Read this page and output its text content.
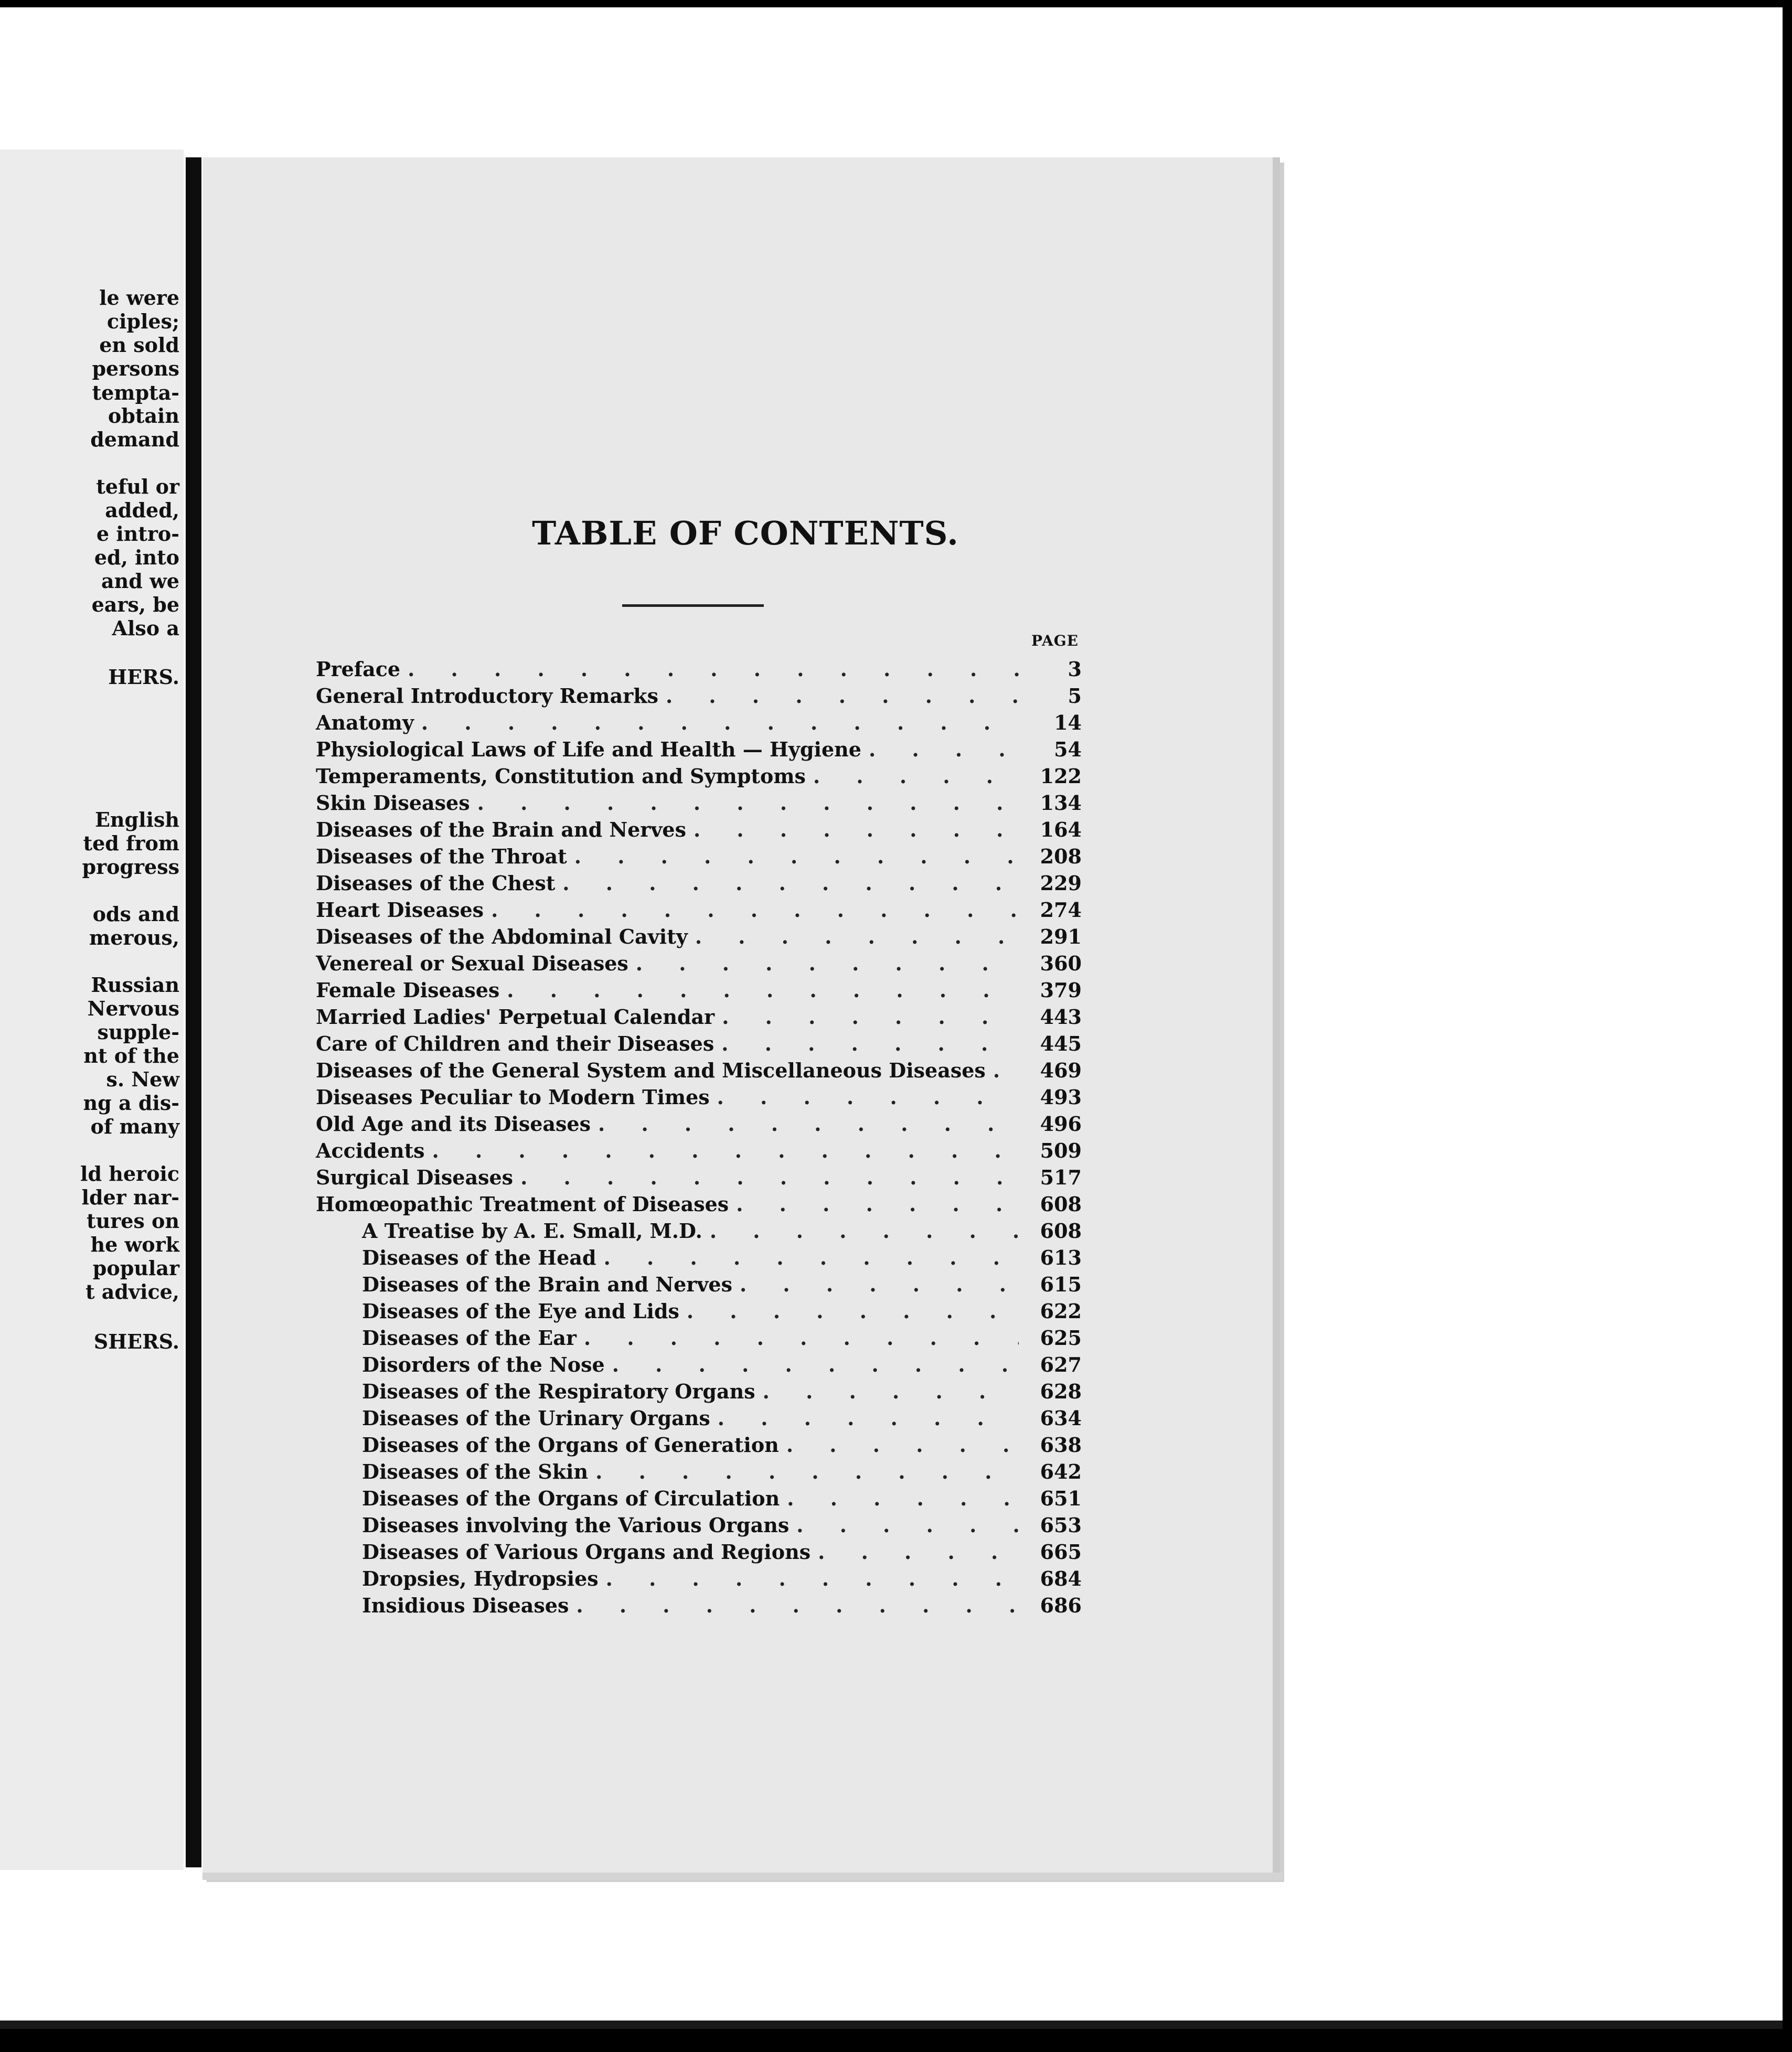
le were
ciples;
en sold
persons
tempta-
obtain
demand
teful or
added,
e intro-
ed, into
and we
ears, be
Also a
HERS.
English
ted from
progress
ods and
merous,
Russian
Nervous
supple-
nt of the
s. New
ng a dis-
of many
ld heroic
lder nar-
tures on
he work
popular
t advice,
SHERS.
TABLE OF CONTENTS.
PAGE
Preface . . .	3
General Introductory Remarks . . .	5
Anatomy . . .	14
Physiological Laws of Life and Health — Hygiene . . .	54
Temperaments, Constitution and Symptoms . . .	122
Skin Diseases . . .	134
Diseases of the Brain and Nerves . . .	164
Diseases of the Throat . . .	208
Diseases of the Chest . . .	229
Heart Diseases . . .	274
Diseases of the Abdominal Cavity . . .	291
Venereal or Sexual Diseases . . .	360
Female Diseases . . .	379
Married Ladies' Perpetual Calendar . . .	443
Care of Children and their Diseases . . .	445
Diseases of the General System and Miscellaneous Diseases . . .	469
Diseases Peculiar to Modern Times . . .	493
Old Age and its Diseases . . .	496
Accidents . . .	509
Surgical Diseases . . .	517
Homœopathic Treatment of Diseases . . .	608
A Treatise by A. E. Small, M.D. . . .	608
Diseases of the Head . . .	613
Diseases of the Brain and Nerves . . .	615
Diseases of the Eye and Lids . . .	622
Diseases of the Ear . . .	625
Disorders of the Nose . . .	627
Diseases of the Respiratory Organs . . .	628
Diseases of the Urinary Organs . . .	634
Diseases of the Organs of Generation . . .	638
Diseases of the Skin . . .	642
Diseases of the Organs of Circulation . . .	651
Diseases involving the Various Organs . . .	653
Diseases of Various Organs and Regions . . .	665
Dropsies, Hydropsies . . .	684
Insidious Diseases . . .	686
